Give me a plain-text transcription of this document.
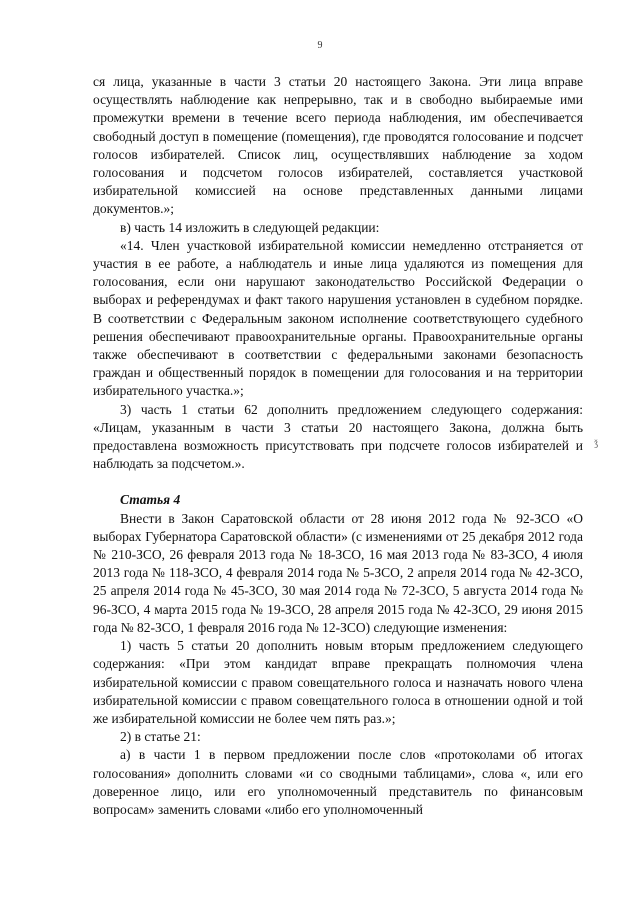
9

ся лица, указанные в части 3 статьи 20 настоящего Закона. Эти лица вправе осуществлять наблюдение как непрерывно, так и в свободно выбираемые ими промежутки времени в течение всего периода наблюдения, им обеспечивается свободный доступ в помещение (помещения), где проводятся голосование и подсчет голосов избирателей. Список лиц, осуществлявших наблюдение за ходом голосования и подсчетом голосов избирателей, составляется участковой избирательной комиссией на основе представленных данными лицами документов.»;

в) часть 14 изложить в следующей редакции:

«14. Член участковой избирательной комиссии немедленно отстраняется от участия в ее работе, а наблюдатель и иные лица удаляются из помещения для голосования, если они нарушают законодательство Российской Федерации о выборах и референдумах и факт такого нарушения установлен в судебном порядке. В соответствии с Федеральным законом исполнение соответствующего судебного решения обеспечивают правоохранительные органы. Правоохранительные органы также обеспечивают в соответствии с федеральными законами безопасность граждан и общественный порядок в помещении для голосования и на территории избирательного участка.»;

3) часть 1 статьи 62 дополнить предложением следующего содержания: «Лицам, указанным в части 3 статьи 20 настоящего Закона, должна быть предоставлена возможность присутствовать при подсчете голосов избирателей и наблюдать за подсчетом.».

Статья 4

Внести в Закон Саратовской области от 28 июня 2012 года № 92-ЗСО «О выборах Губернатора Саратовской области» (с изменениями от 25 декабря 2012 года № 210-ЗСО, 26 февраля 2013 года № 18-ЗСО, 16 мая 2013 года № 83-ЗСО, 4 июля 2013 года № 118-ЗСО, 4 февраля 2014 года № 5-ЗСО, 2 апреля 2014 года № 42-ЗСО, 25 апреля 2014 года № 45-ЗСО, 30 мая 2014 года № 72-ЗСО, 5 августа 2014 года № 96-ЗСО, 4 марта 2015 года № 19-ЗСО, 28 апреля 2015 года № 42-ЗСО, 29 июня 2015 года № 82-ЗСО, 1 февраля 2016 года № 12-ЗСО) следующие изменения:

1) часть 5 статьи 20 дополнить новым вторым предложением следующего содержания: «При этом кандидат вправе прекращать полномочия члена избирательной комиссии с правом совещательного голоса и назначать нового члена избирательной комиссии с правом совещательного голоса в отношении одной и той же избирательной комиссии не более чем пять раз.»;

2) в статье 21:

а) в части 1 в первом предложении после слов «протоколами об итогах голосования» дополнить словами «и со сводными таблицами», слова «, или его доверенное лицо, или его уполномоченный представитель по финансовым вопросам» заменить словами «либо его уполномоченный

ǯ
